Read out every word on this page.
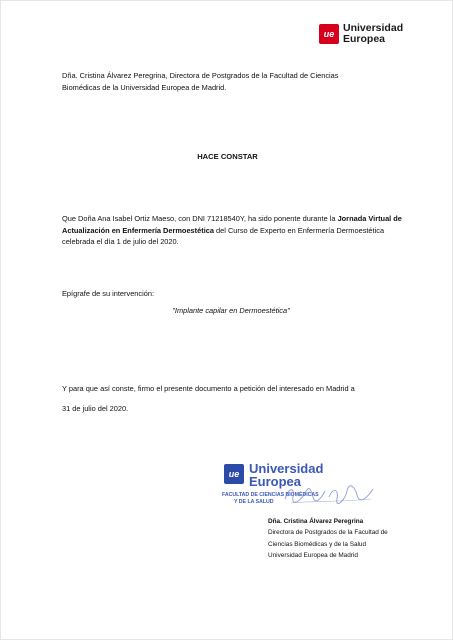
ue Universidad
Europea
Dña. Cristina Álvarez Peregrina, Directora de Postgrados de la Facultad de Ciencias
Biomédicas de la Universidad Europea de Madrid.
HACE CONSTAR
Que Doña Ana Isabel Ortiz Maeso, con DNI 71218540Y, ha sido ponente durante la Jornada Virtual de Actualización en Enfermería Dermoestética del Curso de Experto en Enfermería Dermoestética celebrada el día 1 de julio del 2020.
Epígrafe de su intervención:
"Implante capilar en Dermoestética"
Y para que así conste, firmo el presente documento a petición del interesado en Madrid a
31 de julio del 2020.
ue Universidad
Europea
FACULTAD DE CIENCIAS BIOMÉDICAS
Y DE LA SALUD
Dña. Cristina Álvarez Peregrina
Directora de Postgrados de la Facultad de
Ciencias Biomédicas y de la Salud
Universidad Europea de Madrid
